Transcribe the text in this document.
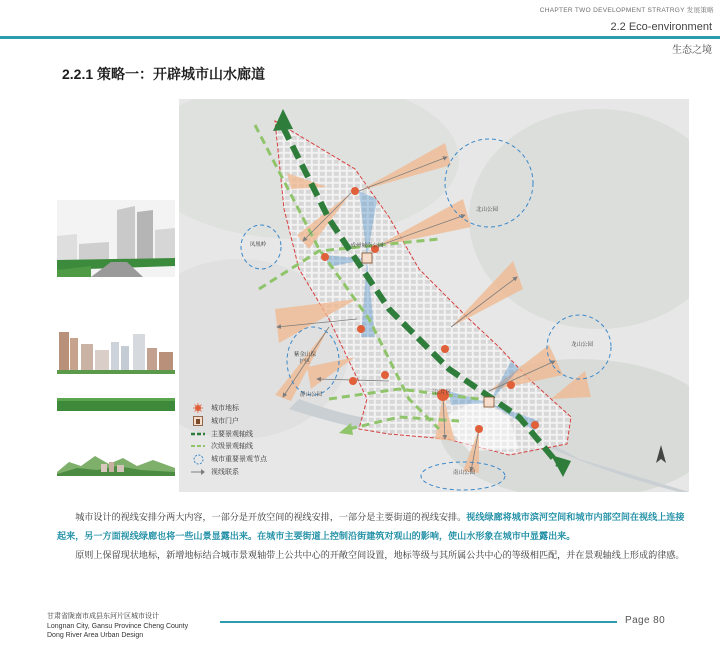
CHAPTER TWO DEVELOPMENT STRATRGY 发展策略
2.2 Eco-environment
生态之境
2.2.1 策略一：开辟城市山水廊道
北山公园
凤凰岭	成州城南公园
龙山公园
紫金山保护区
静山公园	三江片区
南山公园
城市地标
城市门户
主要景观轴线
次级景观轴线
城市重要景观节点
视线联系

城市设计的视线安排分两大内容，一部分是开放空间的视线安排，一部分是主要街道的视线安排。视线绿廊将城市滨河空间和城市内部空间在视线上连接起来，另一方面视线绿廊也将一些山景显露出来。在城市主要街道上控制沿街建筑对观山的影响，使山水形象在城市中显露出来。

原则上保留现状地标，新增地标结合城市景观轴带上公共中心的开敞空间设置，地标等级与其所属公共中心的等级相匹配，并在景观轴线上形成韵律感。

甘肃省陇南市成县东河片区城市设计
Longnan City, Gansu Province Cheng County
Dong River Area Urban Design
Page 80
